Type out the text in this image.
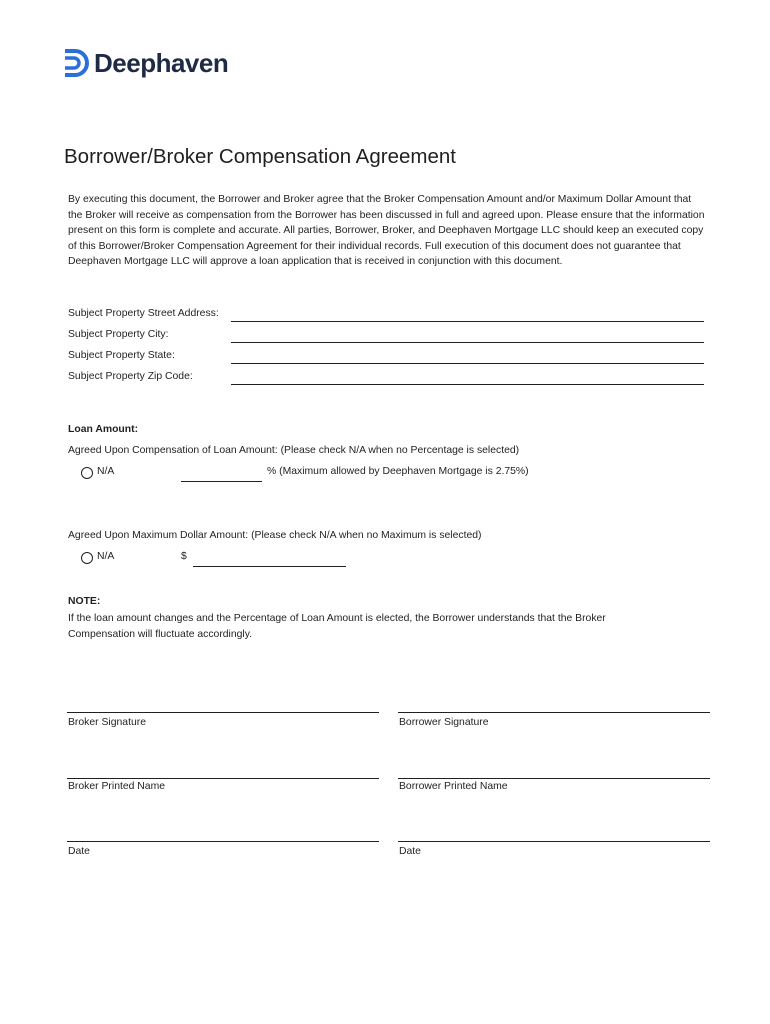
Deephaven
Borrower/Broker Compensation Agreement

By executing this document, the Borrower and Broker agree that the Broker Compensation Amount and/or Maximum Dollar Amount that the Broker will receive as compensation from the Borrower has been discussed in full and agreed upon. Please ensure that the information present on this form is complete and accurate. All parties, Borrower, Broker, and Deephaven Mortgage LLC should keep an executed copy of this Borrower/Broker Compensation Agreement for their individual records. Full execution of this document does not guarantee that Deephaven Mortgage LLC will approve a loan application that is received in conjunction with this document.

Subject Property Street Address:
Subject Property City:
Subject Property State:
Subject Property Zip Code:
Loan Amount:
Agreed Upon Compensation of Loan Amount: (Please check N/A when no Percentage is selected)
N/A	% (Maximum allowed by Deephaven Mortgage is 2.75%)
Agreed Upon Maximum Dollar Amount: (Please check N/A when no Maximum is selected)
N/A	$
NOTE:

If the loan amount changes and the Percentage of Loan Amount is elected, the Borrower understands that the Broker Compensation will fluctuate accordingly.

Broker Signature	Borrower Signature
Broker Printed Name	Borrower Printed Name
Date	Date
